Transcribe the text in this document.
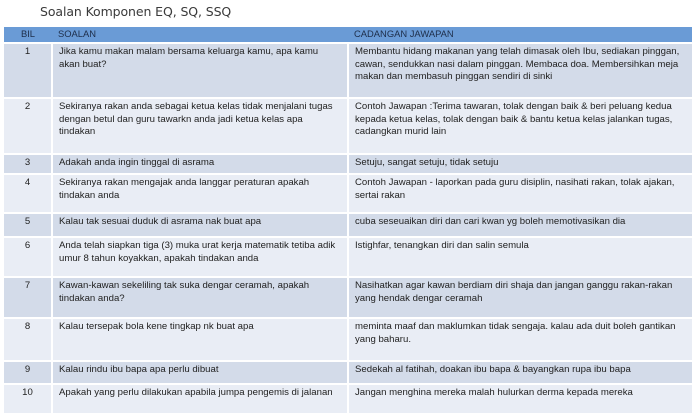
Soalan Komponen EQ, SQ, SSQ
BIL	SOALAN	CADANGAN JAWAPAN
1	Jika kamu makan malam bersama keluarga kamu, apa kamu akan buat?	Membantu hidang makanan yang telah dimasak oleh Ibu, sediakan pinggan, cawan, sendukkan nasi dalam pinggan. Membaca doa. Membersihkan meja makan dan membasuh pinggan sendiri di sinki
2	Sekiranya rakan anda sebagai ketua kelas tidak menjalani tugas dengan betul dan guru tawarkn anda jadi ketua kelas apa tindakan	Contoh Jawapan :Terima tawaran, tolak dengan baik & beri peluang kedua kepada ketua kelas, tolak dengan baik & bantu ketua kelas jalankan tugas, cadangkan murid lain
3	Adakah anda ingin tinggal di asrama	Setuju, sangat setuju, tidak setuju
4	Sekiranya rakan mengajak anda langgar peraturan apakah tindakan anda	Contoh Jawapan - laporkan pada guru disiplin, nasihati rakan, tolak ajakan, sertai rakan
5	Kalau tak sesuai duduk di asrama nak buat apa	cuba seseuaikan diri dan cari kwan yg boleh memotivasikan dia
6	Anda telah siapkan tiga (3) muka urat kerja matematik tetiba adik umur 8 tahun koyakkan, apakah tindakan anda	Istighfar, tenangkan diri dan salin semula
7	Kawan-kawan sekeliling tak suka dengar ceramah, apakah tindakan anda?	Nasihatkan agar kawan berdiam diri shaja dan jangan ganggu rakan-rakan yang hendak dengar ceramah
8	Kalau tersepak bola kene tingkap nk buat apa	meminta maaf dan maklumkan tidak sengaja. kalau ada duit boleh gantikan yang baharu.
9	Kalau rindu ibu bapa apa perlu dibuat	Sedekah al fatihah, doakan ibu bapa & bayangkan rupa ibu bapa
10	Apakah yang perlu dilakukan apabila jumpa pengemis di jalanan	Jangan menghina mereka malah hulurkan derma kepada mereka
